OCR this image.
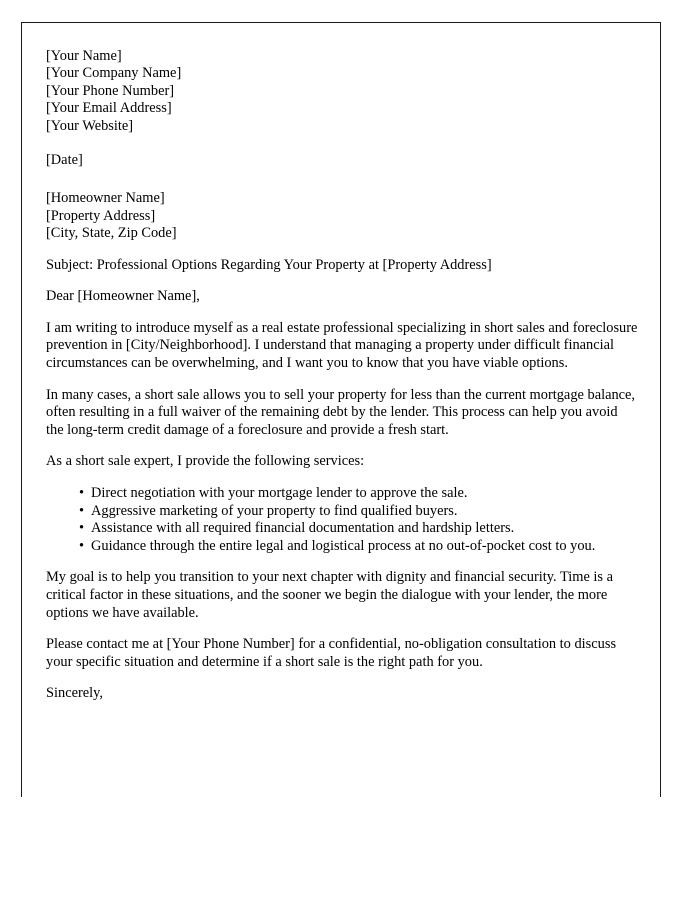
[Your Name]
[Your Company Name]
[Your Phone Number]
[Your Email Address]
[Your Website]
[Date]
[Homeowner Name]
[Property Address]
[City, State, Zip Code]

Subject: Professional Options Regarding Your Property at [Property Address]

Dear [Homeowner Name],

I am writing to introduce myself as a real estate professional specializing in short sales and foreclosure prevention in [City/Neighborhood]. I understand that managing a property under difficult financial circumstances can be overwhelming, and I want you to know that you have viable options.

In many cases, a short sale allows you to sell your property for less than the current mortgage balance, often resulting in a full waiver of the remaining debt by the lender. This process can help you avoid the long-term credit damage of a foreclosure and provide a fresh start.

As a short sale expert, I provide the following services:

• Direct negotiation with your mortgage lender to approve the sale.
• Aggressive marketing of your property to find qualified buyers.
• Assistance with all required financial documentation and hardship letters.
• Guidance through the entire legal and logistical process at no out-of-pocket cost to you.

My goal is to help you transition to your next chapter with dignity and financial security. Time is a critical factor in these situations, and the sooner we begin the dialogue with your lender, the more options we have available.

Please contact me at [Your Phone Number] for a confidential, no-obligation consultation to discuss your specific situation and determine if a short sale is the right path for you.

Sincerely,
